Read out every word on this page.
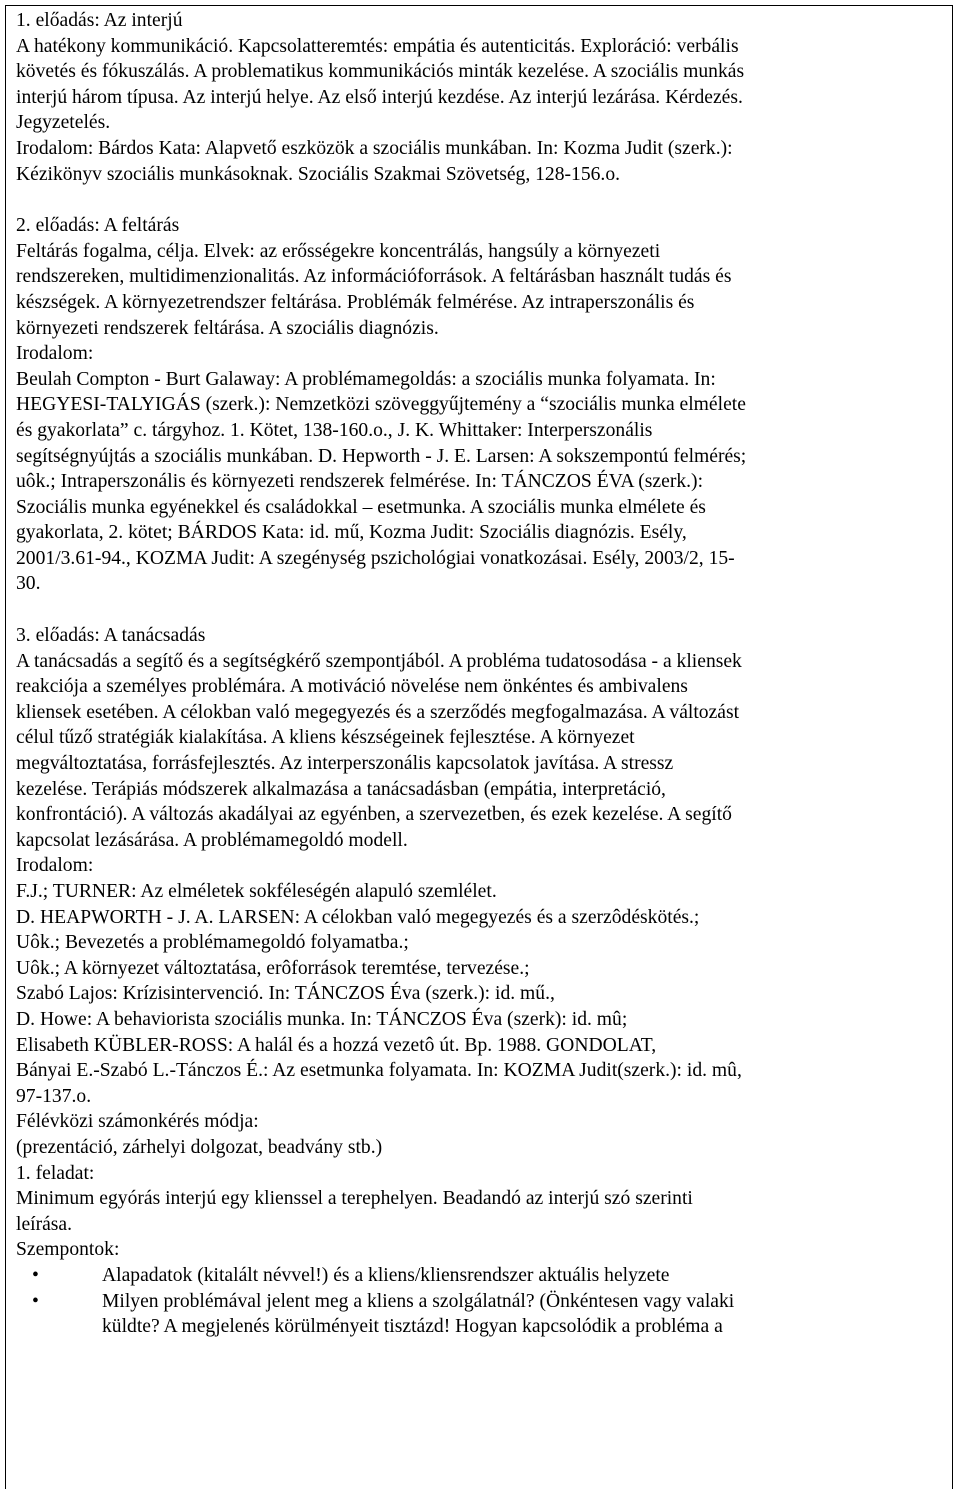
1. előadás: Az interjú
A hatékony kommunikáció. Kapcsolatteremtés: empátia és autenticitás. Exploráció: verbális
követés és fókuszálás. A problematikus kommunikációs minták kezelése. A szociális munkás
interjú három típusa. Az interjú helye. Az első interjú kezdése. Az interjú lezárása. Kérdezés.
Jegyzetelés.
Irodalom: Bárdos Kata: Alapvető eszközök a szociális munkában. In: Kozma Judit (szerk.):
Kézikönyv szociális munkásoknak. Szociális Szakmai Szövetség, 128-156.o.
2. előadás: A feltárás
Feltárás fogalma, célja. Elvek: az erősségekre koncentrálás, hangsúly a környezeti
rendszereken, multidimenzionalitás. Az információforrások. A feltárásban használt tudás és
készségek. A környezetrendszer feltárása. Problémák felmérése. Az intraperszonális és
környezeti rendszerek feltárása. A szociális diagnózis.
Irodalom:
Beulah Compton - Burt Galaway: A problémamegoldás: a szociális munka folyamata. In:
HEGYESI-TALYIGÁS (szerk.): Nemzetközi szöveggyűjtemény a “szociális munka elmélete
és gyakorlata” c. tárgyhoz. 1. Kötet, 138-160.o., J. K. Whittaker: Interperszonális
segítségnyújtás a szociális munkában. D. Hepworth - J. E. Larsen: A sokszempontú felmérés;
uôk.; Intraperszonális és környezeti rendszerek felmérése. In: TÁNCZOS ÉVA (szerk.):
Szociális munka egyénekkel és családokkal – esetmunka. A szociális munka elmélete és
gyakorlata, 2. kötet; BÁRDOS Kata: id. mű, Kozma Judit: Szociális diagnózis. Esély,
2001/3.61-94., KOZMA Judit: A szegénység pszichológiai vonatkozásai. Esély, 2003/2, 15-
30.
3. előadás: A tanácsadás
A tanácsadás a segítő és a segítségkérő szempontjából. A probléma tudatosodása - a kliensek
reakciója a személyes problémára. A motiváció növelése nem önkéntes és ambivalens
kliensek esetében. A célokban való megegyezés és a szerződés megfogalmazása. A változást
célul tűző stratégiák kialakítása. A kliens készségeinek fejlesztése. A környezet
megváltoztatása, forrásfejlesztés. Az interperszonális kapcsolatok javítása. A stressz
kezelése. Terápiás módszerek alkalmazása a tanácsadásban (empátia, interpretáció,
konfrontáció). A változás akadályai az egyénben, a szervezetben, és ezek kezelése. A segítő
kapcsolat lezásárása. A problémamegoldó modell.
Irodalom:
F.J.; TURNER: Az elméletek sokféleségén alapuló szemlélet.
D. HEAPWORTH - J. A. LARSEN: A célokban való megegyezés és a szerzôdéskötés.;
Uôk.; Bevezetés a problémamegoldó folyamatba.;
Uôk.; A környezet változtatása, erôforrások teremtése, tervezése.;
Szabó Lajos: Krízisintervenció. In: TÁNCZOS Éva (szerk.): id. mű.,
D. Howe: A behaviorista szociális munka. In: TÁNCZOS Éva (szerk): id. mû;
Elisabeth KÜBLER-ROSS: A halál és a hozzá vezetô út. Bp. 1988. GONDOLAT,
Bányai E.-Szabó L.-Tánczos É.: Az esetmunka folyamata. In: KOZMA Judit(szerk.): id. mû,
97-137.o.
Félévközi számonkérés módja:
(prezentáció, zárhelyi dolgozat, beadvány stb.)
1. feladat:
Minimum egyórás interjú egy klienssel a terephelyen. Beadandó az interjú szó szerinti
leírása.
Szempontok:
•	Alapadatok (kitalált névvel!) és a kliens/kliensrendszer aktuális helyzete
•	Milyen problémával jelent meg a kliens a szolgálatnál? (Önkéntesen vagy valaki
küldte? A megjelenés körülményeit tisztázd! Hogyan kapcsolódik a probléma a
